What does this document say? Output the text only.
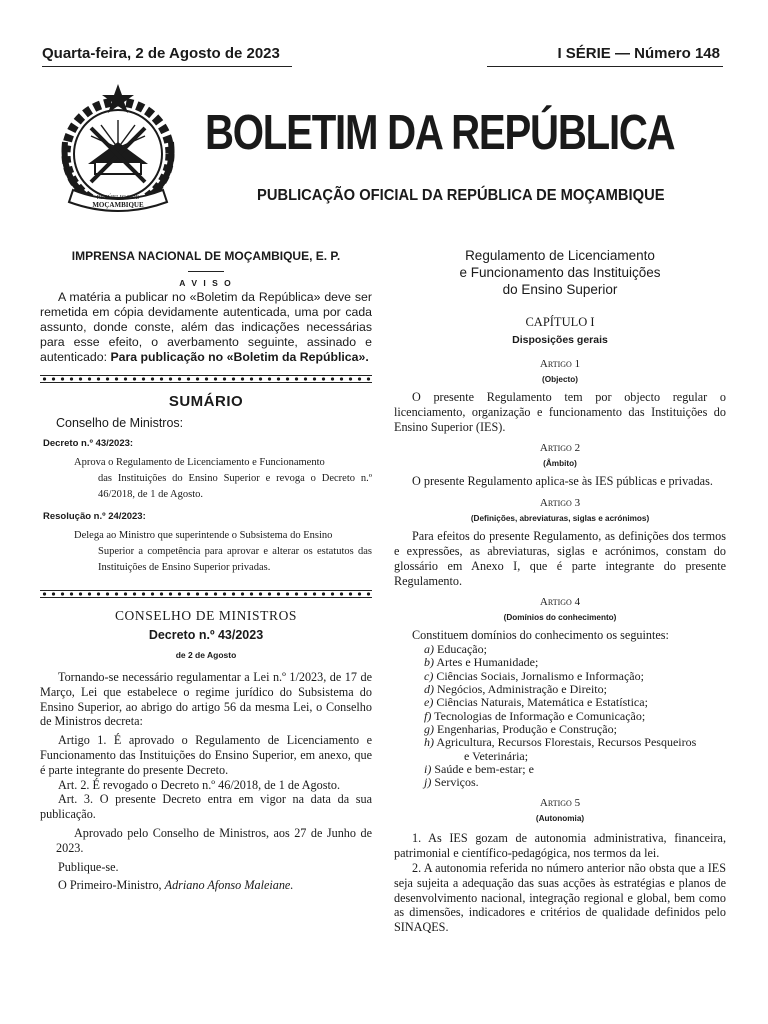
Quarta-feira, 2 de Agosto de 2023	I SÉRIE — Número 148
REPÚBLICA DE
MOÇAMBIQUE
BOLETIM DA REPÚBLICA
PUBLICAÇÃO OFICIAL DA REPÚBLICA DE MOÇAMBIQUE
IMPRENSA NACIONAL DE MOÇAMBIQUE, E. P.
A V I S O

A matéria a publicar no «Boletim da República» deve ser remetida em cópia devidamente autenticada, uma por cada assunto, donde conste, além das indicações necessárias para esse efeito, o averbamento seguinte, assinado e autenticado: Para publicação no «Boletim da República».

SUMÁRIO
Conselho de Ministros:
Decreto n.º 43/2023:
Aprova o Regulamento de Licenciamento e Funcionamento
das Instituições do Ensino Superior e revoga o Decreto n.º 46/2018, de 1 de Agosto.
Resolução n.º 24/2023:
Delega ao Ministro que superintende o Subsistema do Ensino
Superior a competência para aprovar e alterar os estatutos das Instituições de Ensino Superior privadas.
CONSELHO DE MINISTROS
Decreto n.º 43/2023
de 2 de Agosto

Tornando-se necessário regulamentar a Lei n.º 1/2023, de 17 de Março, Lei que estabelece o regime jurídico do Subsistema do Ensino Superior, ao abrigo do artigo 56 da mesma Lei, o Conselho de Ministros decreta:

Artigo 1. É aprovado o Regulamento de Licenciamento e Funcionamento das Instituições do Ensino Superior, em anexo, que é parte integrante do presente Decreto.

Art. 2. É revogado o Decreto n.º 46/2018, de 1 de Agosto.

Art. 3. O presente Decreto entra em vigor na data da sua publicação.

Aprovado pelo Conselho de Ministros, aos 27 de Junho de 2023.

Publique-se.

O Primeiro-Ministro, Adriano Afonso Maleiane.

Regulamento de Licenciamento
e Funcionamento das Instituições
do Ensino Superior
CAPÍTULO I
Disposições gerais
Artigo 1
(Objecto)

O presente Regulamento tem por objecto regular o licenciamento, organização e funcionamento das Instituições do Ensino Superior (IES).

Artigo 2
(Âmbito)

O presente Regulamento aplica-se às IES públicas e privadas.

Artigo 3
(Definições, abreviaturas, siglas e acrónimos)

Para efeitos do presente Regulamento, as definições dos termos e expressões, as abreviaturas, siglas e acrónimos, constam do glossário em Anexo I, que é parte integrante do presente Regulamento.

Artigo 4
(Domínios do conhecimento)

Constituem domínios do conhecimento os seguintes:

a) Educação;
b) Artes e Humanidade;
c) Ciências Sociais, Jornalismo e Informação;
d) Negócios, Administração e Direito;
e) Ciências Naturais, Matemática e Estatística;
f) Tecnologias de Informação e Comunicação;
g) Engenharias, Produção e Construção;
h) Agricultura, Recursos Florestais, Recursos Pesqueiros
e Veterinária;
i) Saúde e bem-estar; e
j) Serviços.
Artigo 5
(Autonomia)

1. As IES gozam de autonomia administrativa, financeira, patrimonial e científico-pedagógica, nos termos da lei.

2. A autonomia referida no número anterior não obsta que a IES seja sujeita a adequação das suas acções às estratégias e planos de desenvolvimento nacional, integração regional e global, bem como as dimensões, indicadores e critérios de qualidade definidos pelo SINAQES.
